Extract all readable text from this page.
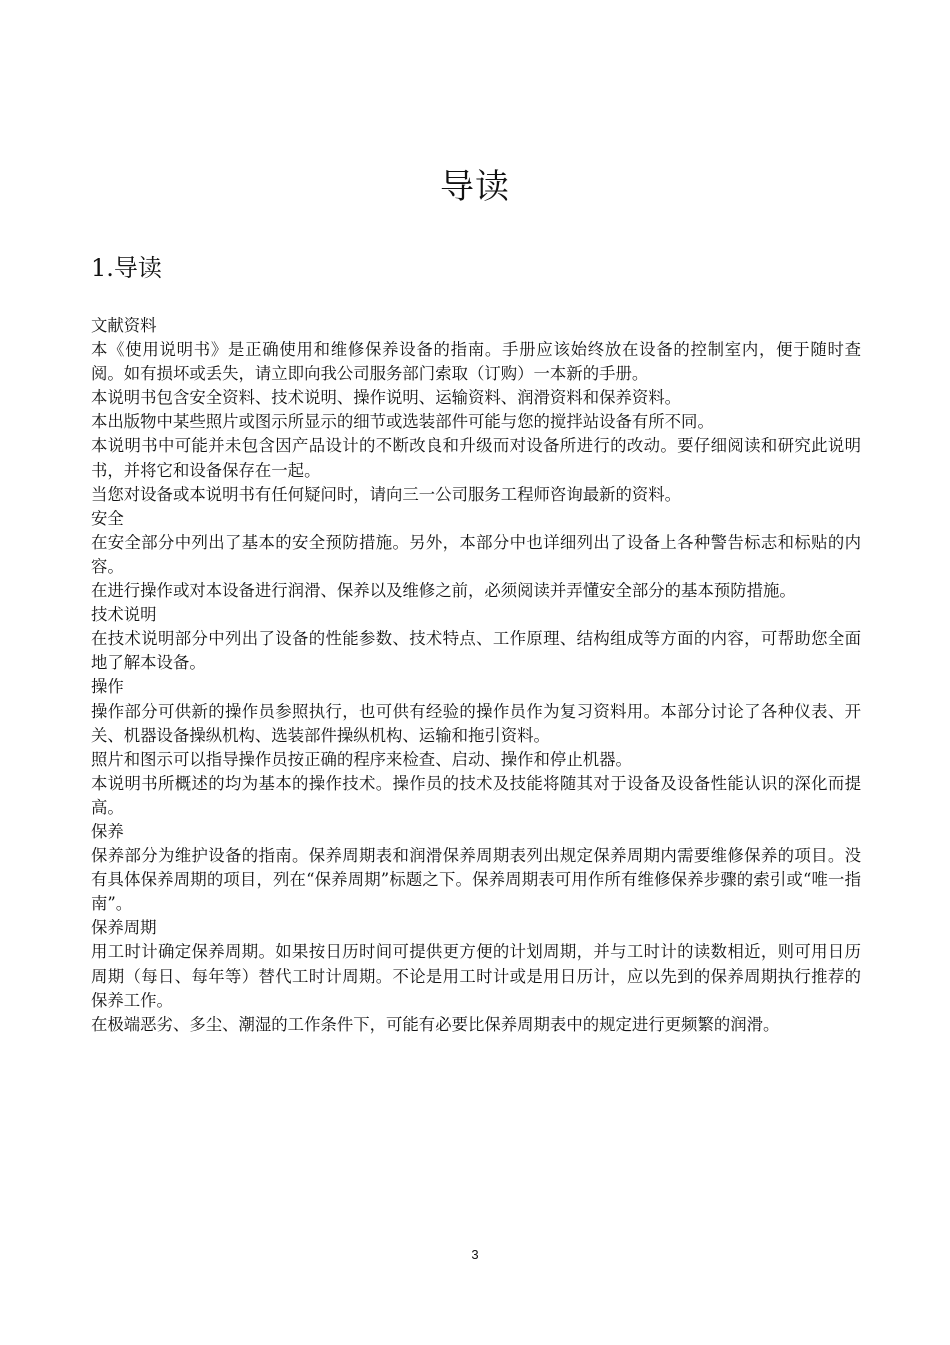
导读
1.导读

文献资料

本《使用说明书》是正确使用和维修保养设备的指南。手册应该始终放在设备的控制室内，便于随时查阅。如有损坏或丢失，请立即向我公司服务部门索取（订购）一本新的手册。

本说明书包含安全资料、技术说明、操作说明、运输资料、润滑资料和保养资料。

本出版物中某些照片或图示所显示的细节或选装部件可能与您的搅拌站设备有所不同。

本说明书中可能并未包含因产品设计的不断改良和升级而对设备所进行的改动。要仔细阅读和研究此说明书，并将它和设备保存在一起。

当您对设备或本说明书有任何疑问时，请向三一公司服务工程师咨询最新的资料。

安全

在安全部分中列出了基本的安全预防措施。另外，本部分中也详细列出了设备上各种警告标志和标贴的内容。

在进行操作或对本设备进行润滑、保养以及维修之前，必须阅读并弄懂安全部分的基本预防措施。

技术说明

在技术说明部分中列出了设备的性能参数、技术特点、工作原理、结构组成等方面的内容，可帮助您全面地了解本设备。

操作

操作部分可供新的操作员参照执行，也可供有经验的操作员作为复习资料用。本部分讨论了各种仪表、开关、机器设备操纵机构、选装部件操纵机构、运输和拖引资料。

照片和图示可以指导操作员按正确的程序来检查、启动、操作和停止机器。

本说明书所概述的均为基本的操作技术。操作员的技术及技能将随其对于设备及设备性能认识的深化而提高。

保养

保养部分为维护设备的指南。保养周期表和润滑保养周期表列出规定保养周期内需要维修保养的项目。没有具体保养周期的项目，列在“保养周期”标题之下。保养周期表可用作所有维修保养步骤的索引或“唯一指南”。

保养周期

用工时计确定保养周期。如果按日历时间可提供更方便的计划周期，并与工时计的读数相近，则可用日历周期（每日、每年等）替代工时计周期。不论是用工时计或是用日历计，应以先到的保养周期执行推荐的保养工作。

在极端恶劣、多尘、潮湿的工作条件下，可能有必要比保养周期表中的规定进行更频繁的润滑。

3
